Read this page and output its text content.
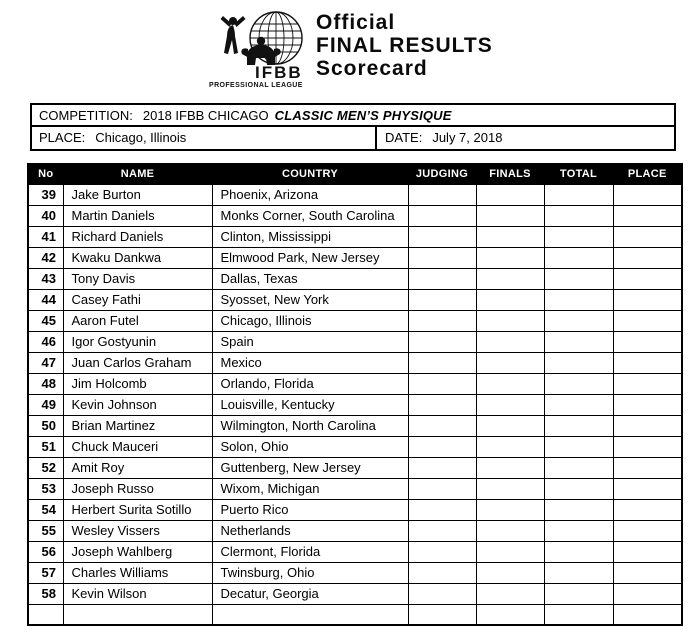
IFBB
PROFESSIONAL LEAGUE
Official
FINAL RESULTS
Scorecard
COMPETITION: 2018 IFBB CHICAGO CLASSIC MEN’S PHYSIQUE
PLACE: Chicago, Illinois	DATE: July 7, 2018
No	NAME	COUNTRY	JUDGING	FINALS	TOTAL	PLACE
39	Jake Burton	Phoenix, Arizona				
40	Martin Daniels	Monks Corner, South Carolina				
41	Richard Daniels	Clinton, Mississippi				
42	Kwaku Dankwa	Elmwood Park, New Jersey				
43	Tony Davis	Dallas, Texas				
44	Casey Fathi	Syosset, New York				
45	Aaron Futel	Chicago, Illinois				
46	Igor Gostyunin	Spain				
47	Juan Carlos Graham	Mexico				
48	Jim Holcomb	Orlando, Florida				
49	Kevin Johnson	Louisville, Kentucky				
50	Brian Martinez	Wilmington, North Carolina				
51	Chuck Mauceri	Solon, Ohio				
52	Amit Roy	Guttenberg, New Jersey				
53	Joseph Russo	Wixom, Michigan				
54	Herbert Surita Sotillo	Puerto Rico				
55	Wesley Vissers	Netherlands				
56	Joseph Wahlberg	Clermont, Florida				
57	Charles Williams	Twinsburg, Ohio				
58	Kevin Wilson	Decatur, Georgia				
